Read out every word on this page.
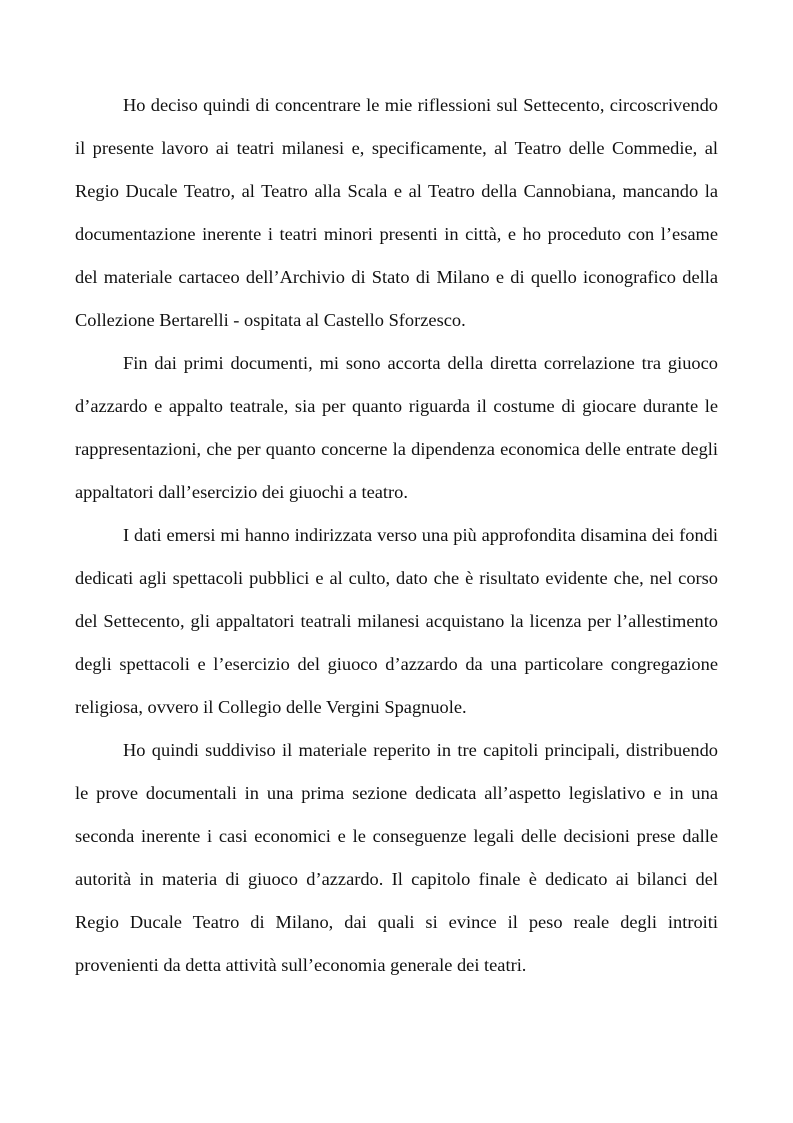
Ho deciso quindi di concentrare le mie riflessioni sul Settecento, circoscrivendo il presente lavoro ai teatri milanesi e, specificamente, al Teatro delle Commedie, al Regio Ducale Teatro, al Teatro alla Scala e al Teatro della Cannobiana, mancando la documentazione inerente i teatri minori presenti in città, e ho proceduto con l’esame del materiale cartaceo dell’Archivio di Stato di Milano e di quello iconografico della Collezione Bertarelli - ospitata al Castello Sforzesco.

Fin dai primi documenti, mi sono accorta della diretta correlazione tra giuoco d’azzardo e appalto teatrale, sia per quanto riguarda il costume di giocare durante le rappresentazioni, che per quanto concerne la dipendenza economica delle entrate degli appaltatori dall’esercizio dei giuochi a teatro.

I dati emersi mi hanno indirizzata verso una più approfondita disamina dei fondi dedicati agli spettacoli pubblici e al culto, dato che è risultato evidente che, nel corso del Settecento, gli appaltatori teatrali milanesi acquistano la licenza per l’allestimento degli spettacoli e l’esercizio del giuoco d’azzardo da una particolare congregazione religiosa, ovvero il Collegio delle Vergini Spagnuole.

Ho quindi suddiviso il materiale reperito in tre capitoli principali, distribuendo le prove documentali in una prima sezione dedicata all’aspetto legislativo e in una seconda inerente i casi economici e le conseguenze legali delle decisioni prese dalle autorità in materia di giuoco d’azzardo. Il capitolo finale è dedicato ai bilanci del Regio Ducale Teatro di Milano, dai quali si evince il peso reale degli introiti provenienti da detta attività sull’economia generale dei teatri.
